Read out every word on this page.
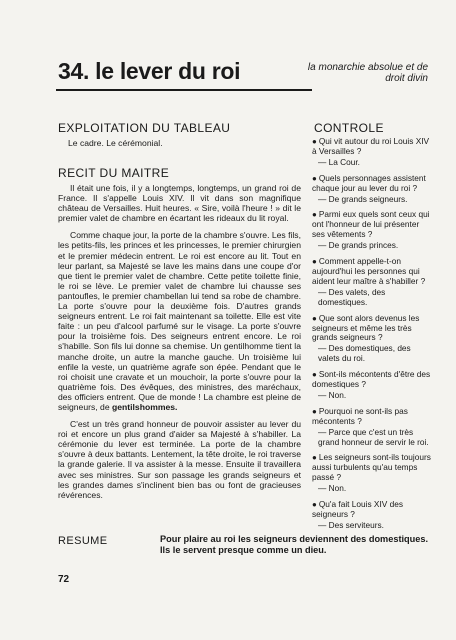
34. le lever du roi	la monarchie absolue et de droit divin
EXPLOITATION DU TABLEAU
Le cadre. Le cérémonial.
RECIT DU MAITRE

Il était une fois, il y a longtemps, longtemps, un grand roi de France. Il s'appelle Louis XIV. Il vit dans son magnifique château de Versailles. Huit heures. « Sire, voilà l'heure ! » dit le premier valet de chambre en écartant les rideaux du lit royal.

Comme chaque jour, la porte de la chambre s'ouvre. Les fils, les petits-fils, les princes et les princesses, le premier chirurgien et le premier médecin entrent. Le roi est encore au lit. Tout en leur parlant, sa Majesté se lave les mains dans une coupe d'or que tient le premier valet de chambre. Cette petite toilette finie, le roi se lève. Le premier valet de chambre lui chausse ses pantoufles, le premier chambellan lui tend sa robe de chambre. La porte s'ouvre pour la deuxième fois. D'autres grands seigneurs entrent. Le roi fait maintenant sa toilette. Elle est vite faite : un peu d'alcool parfumé sur le visage. La porte s'ouvre pour la troisième fois. Des seigneurs entrent encore. Le roi s'habille. Son fils lui donne sa chemise. Un gentilhomme tient la manche droite, un autre la manche gauche. Un troisième lui enfile la veste, un quatrième agrafe son épée. Pendant que le roi choisit une cravate et un mouchoir, la porte s'ouvre pour la quatrième fois. Des évêques, des ministres, des maréchaux, des officiers entrent. Que de monde ! La chambre est pleine de seigneurs, de gentilshommes.

C'est un très grand honneur de pouvoir assister au lever du roi et encore un plus grand d'aider sa Majesté à s'habiller. La cérémonie du lever est terminée. La porte de la chambre s'ouvre à deux battants. Lentement, la tête droite, le roi traverse la grande galerie. Il va assister à la messe. Ensuite il travaillera avec ses ministres. Sur son passage les grands seigneurs et les grandes dames s'inclinent bien bas ou font de gracieuses révérences.

CONTROLE

● Qui vit autour du roi Louis XIV à Versailles ?
— La Cour.

● Quels personnages assistent chaque jour au lever du roi ?
— De grands seigneurs.

● Parmi eux quels sont ceux qui ont l'honneur de lui présenter ses vêtements ?
— De grands princes.

● Comment appelle-t-on aujourd'hui les personnes qui aident leur maître à s'habiller ?
— Des valets, des domestiques.

● Que sont alors devenus les seigneurs et même les très grands seigneurs ?
— Des domestiques, des valets du roi.

● Sont-ils mécontents d'être des domestiques ?
— Non.

● Pourquoi ne sont-ils pas mécontents ?
— Parce que c'est un très grand honneur de servir le roi.

● Les seigneurs sont-ils toujours aussi turbulents qu'au temps passé ?
— Non.

● Qu'a fait Louis XIV des seigneurs ?
— Des serviteurs.

RESUME	Pour plaire au roi les seigneurs deviennent des domestiques. Ils le servent presque comme un dieu.
72
